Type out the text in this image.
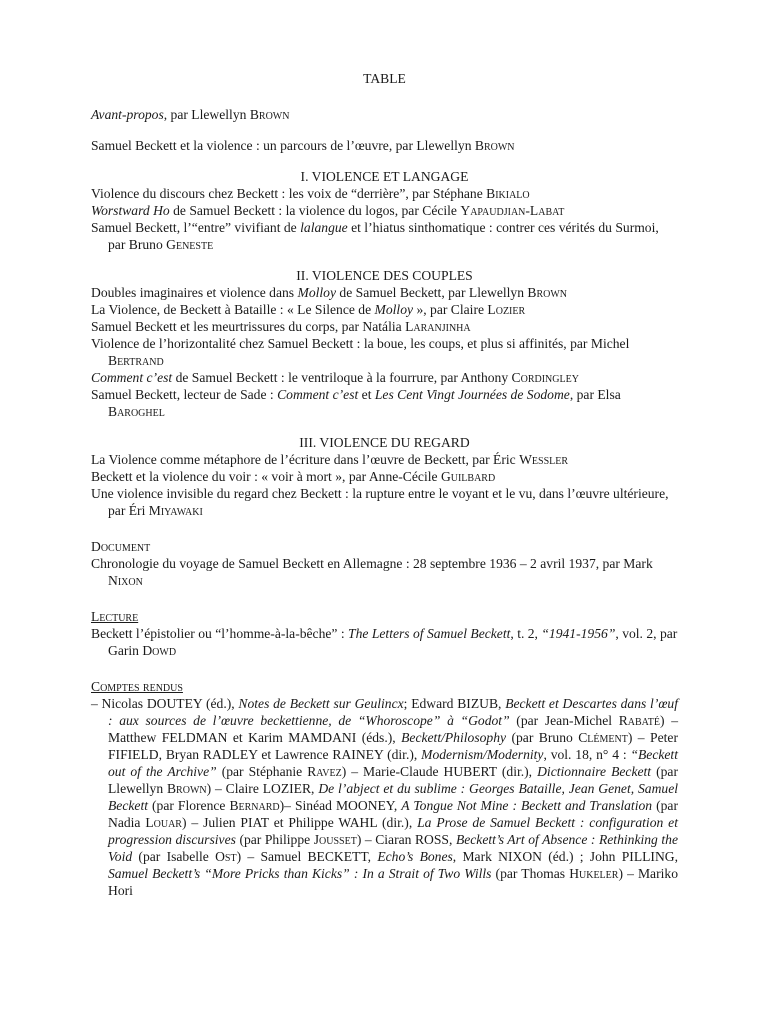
TABLE

Avant-propos, par Llewellyn Brown

Samuel Beckett et la violence : un parcours de l’œuvre, par Llewellyn Brown

I. VIOLENCE ET LANGAGE

Violence du discours chez Beckett : les voix de “derrière”, par Stéphane Bikialo

Worstward Ho de Samuel Beckett : la violence du logos, par Cécile Yapaudjian-Labat

Samuel Beckett, l’“entre” vivifiant de lalangue et l’hiatus sinthomatique : contrer ces vérités du Surmoi, par Bruno Geneste

II. VIOLENCE DES COUPLES

Doubles imaginaires et violence dans Molloy de Samuel Beckett, par Llewellyn Brown

La Violence, de Beckett à Bataille : « Le Silence de Molloy », par Claire Lozier

Samuel Beckett et les meurtrissures du corps, par Natália Laranjinha

Violence de l’horizontalité chez Samuel Beckett : la boue, les coups, et plus si affinités, par Michel Bertrand

Comment c’est de Samuel Beckett : le ventriloque à la fourrure, par Anthony Cordingley

Samuel Beckett, lecteur de Sade : Comment c’est et Les Cent Vingt Journées de Sodome, par Elsa Baroghel

III. VIOLENCE DU REGARD

La Violence comme métaphore de l’écriture dans l’œuvre de Beckett, par Éric Wessler

Beckett et la violence du voir : « voir à mort », par Anne-Cécile Guilbard

Une violence invisible du regard chez Beckett : la rupture entre le voyant et le vu, dans l’œuvre ultérieure, par Éri Miyawaki

Document

Chronologie du voyage de Samuel Beckett en Allemagne : 28 septembre 1936 – 2 avril 1937, par Mark Nixon

Lecture

Beckett l’épistolier ou “l’homme-à-la-bêche” : The Letters of Samuel Beckett, t. 2, “1941-1956”, vol. 2, par Garin Dowd

Comptes rendus

– Nicolas DOUTEY (éd.), Notes de Beckett sur Geulincx; Edward BIZUB, Beckett et Descartes dans l’œuf : aux sources de l’œuvre beckettienne, de “Whoroscope” à “Godot” (par Jean-Michel Rabaté) – Matthew FELDMAN et Karim MAMDANI (éds.), Beckett/Philosophy (par Bruno Clément) – Peter FIFIELD, Bryan RADLEY et Lawrence RAINEY (dir.), Modernism/Modernity, vol. 18, n° 4 : “Beckett out of the Archive” (par Stéphanie Ravez) – Marie-Claude HUBERT (dir.), Dictionnaire Beckett (par Llewellyn Brown) – Claire LOZIER, De l’abject et du sublime : Georges Bataille, Jean Genet, Samuel Beckett (par Florence Bernard)– Sinéad MOONEY, A Tongue Not Mine : Beckett and Translation (par Nadia Louar) – Julien PIAT et Philippe WAHL (dir.), La Prose de Samuel Beckett : configuration et progression discursives (par Philippe Jousset) – Ciaran ROSS, Beckett’s Art of Absence : Rethinking the Void (par Isabelle Ost) – Samuel BECKETT, Echo’s Bones, Mark NIXON (éd.) ; John PILLING, Samuel Beckett’s “More Pricks than Kicks” : In a Strait of Two Wills (par Thomas Hukeler) – Mariko Hori
